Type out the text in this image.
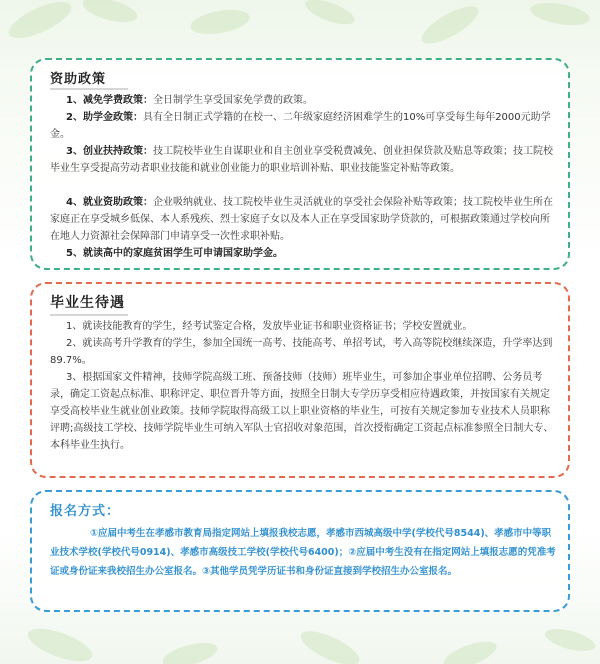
资助政策
1、减免学费政策：全日制学生享受国家免学费的政策。
2、助学金政策：具有全日制正式学籍的在校一、二年级家庭经济困难学生的10%可享受每生每年2000元助学金。
3、创业扶持政策：技工院校毕业生自谋职业和自主创业享受税费减免、创业担保贷款及贴息等政策；技工院校毕业生享受提高劳动者职业技能和就业创业能力的职业培训补贴、职业技能鉴定补贴等政策。
4、就业资助政策：企业吸纳就业、技工院校毕业生灵活就业的享受社会保险补贴等政策；技工院校毕业生所在家庭正在享受城乡低保、本人系残疾、烈士家庭子女以及本人正在享受国家助学贷款的，可根据政策通过学校向所在地人力资源社会保障部门申请享受一次性求职补贴。
5、就读高中的家庭贫困学生可申请国家助学金。
毕业生待遇
1、就读技能教育的学生，经考试鉴定合格，发放毕业证书和职业资格证书；学校安置就业。
2、就读高考升学教育的学生，参加全国统一高考、技能高考、单招考试，考入高等院校继续深造，升学率达到89.7%。
3、根据国家文件精神，技师学院高级工班、预备技师（技师）班毕业生，可参加企事业单位招聘、公务员考录，确定工资起点标准、职称评定、职位晋升等方面，按照全日制大专学历享受相应待遇政策，并按国家有关规定享受高校毕业生就业创业政策。技师学院取得高级工以上职业资格的毕业生，可按有关规定参加专业技术人员职称评聘;高级技工学校、技师学院毕业生可纳入军队士官招收对象范围，首次授衔确定工资起点标准参照全日制大专、本科毕业生执行。
报名方式：
①应届中考生在孝感市教育局指定网站上填报我校志愿，孝感市西城高级中学(学校代号8544)、孝感市中等职业技术学校(学校代号0914)、孝感市高级技工学校(学校代号6400)；②应届中考生没有在指定网站上填报志愿的凭准考证或身份证来我校招生办公室报名。③其他学员凭学历证书和身份证直接到学校招生办公室报名。
